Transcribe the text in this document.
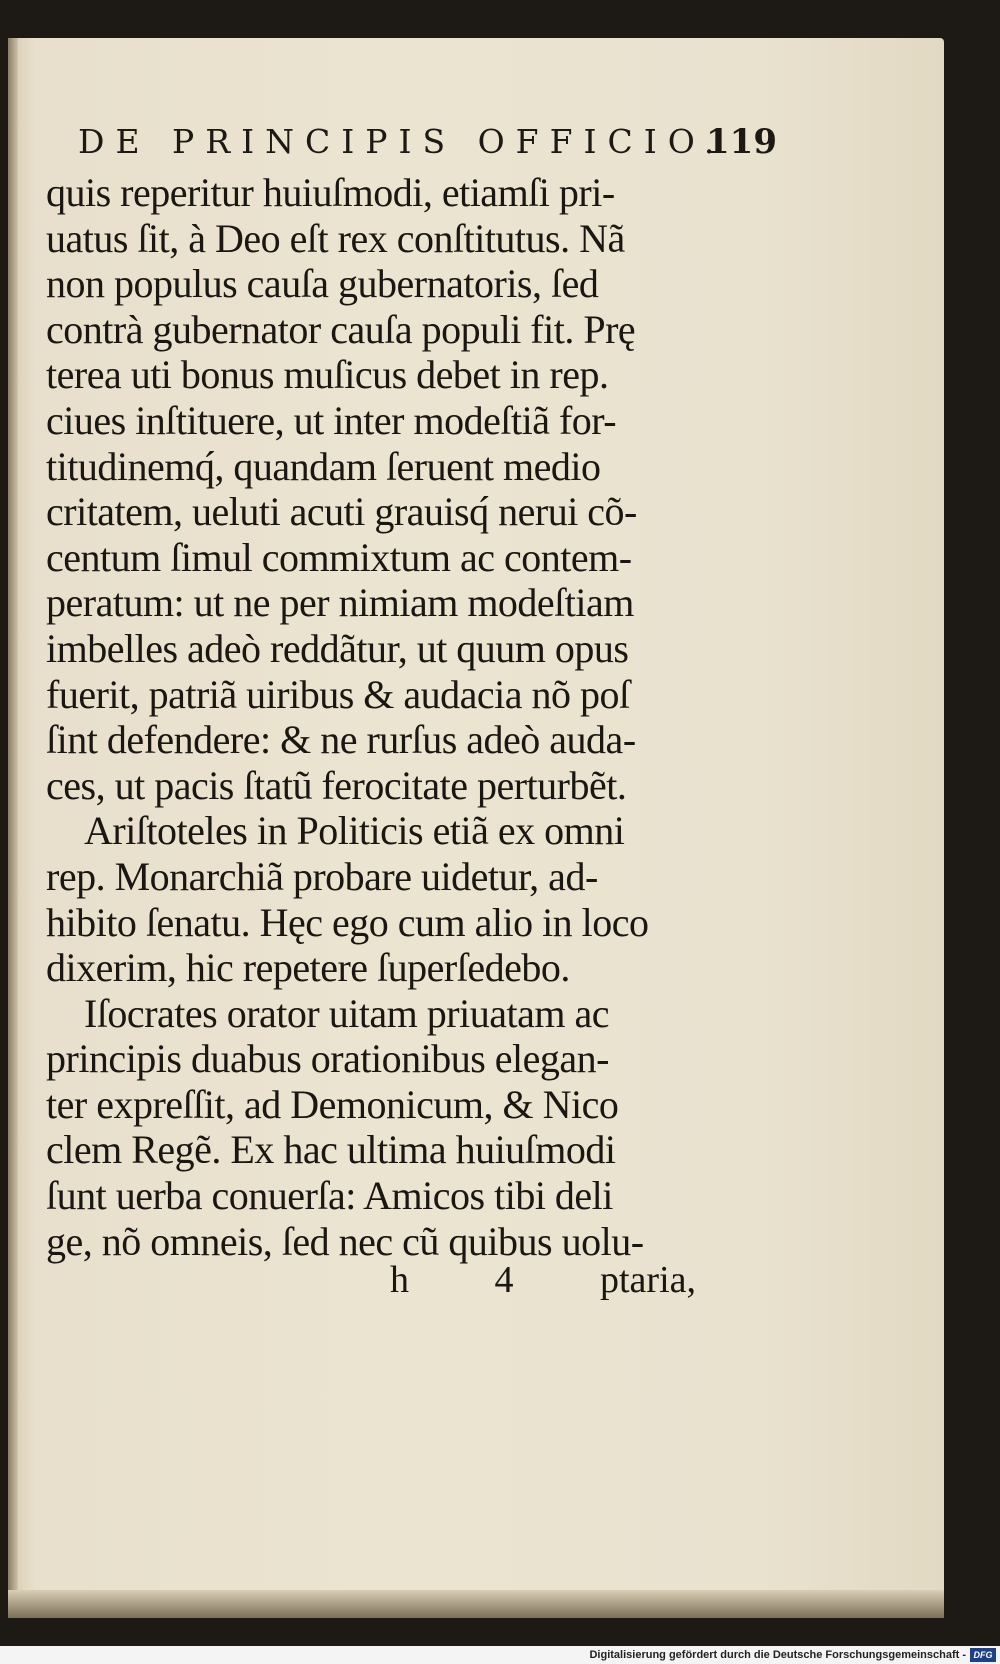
DE PRINCIPIS OFFICIO.
119
quis reperitur huiuſmodi, etiamſi pri-
uatus ſit, à Deo eſt rex conſtitutus. Nã
non populus cauſa gubernatoris, ſed
contrà gubernator cauſa populi fit. Prę
terea uti bonus muſicus debet in rep.
ciues inſtituere, ut inter modeſtiã for-
titudinemq́, quandam ſeruent medio
critatem, ueluti acuti grauisq́ nerui cõ-
centum ſimul commixtum ac contem-
peratum: ut ne per nimiam modeſtiam
imbelles adeò reddãtur, ut quum opus
fuerit, patriã uiribus & audacia nõ poſ
ſint defendere: & ne rurſus adeò auda-
ces, ut pacis ſtatũ ferocitate perturbẽt.
Ariſtoteles in Politicis etiã ex omni
rep. Monarchiã probare uidetur, ad-
hibito ſenatu. Hęc ego cum alio in loco
dixerim, hic repetere ſuperſedebo.
Iſocrates orator uitam priuatam ac
principis duabus orationibus elegan-
ter expreſſit, ad Demonicum, & Nico
clem Regẽ. Ex hac ultima huiuſmodi
ſunt uerba conuerſa: Amicos tibi deli
ge, nõ omneis, ſed nec cũ quibus uolu-
h 4 ptaria,
Digitalisierung gefördert durch die Deutsche Forschungsgemeinschaft - DFG
